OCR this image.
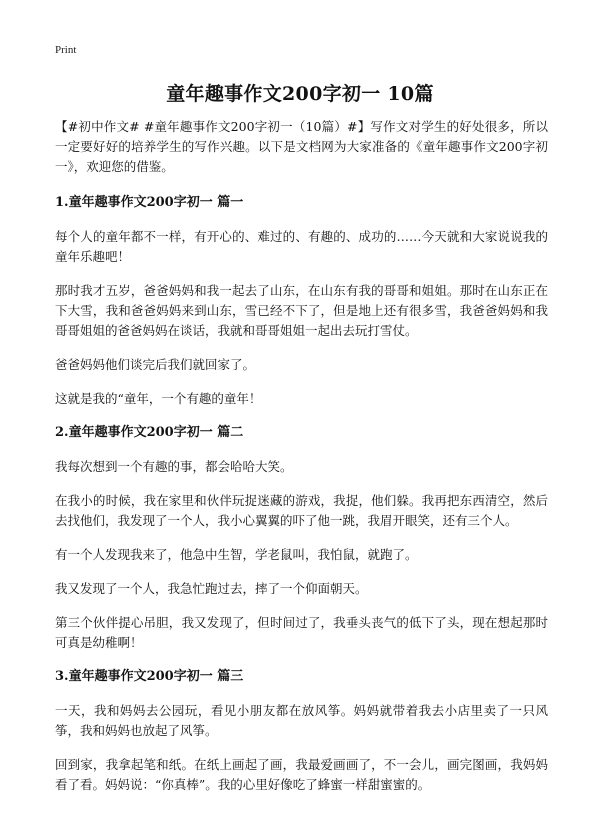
Print
童年趣事作文200字初一 10篇

【#初中作文# #童年趣事作文200字初一（10篇）#】写作文对学生的好处很多，所以一定要好好的培养学生的写作兴趣。以下是文档网为大家准备的《童年趣事作文200字初一》，欢迎您的借鉴。

1.童年趣事作文200字初一 篇一

每个人的童年都不一样，有开心的、难过的、有趣的、成功的……今天就和大家说说我的童年乐趣吧！

那时我才五岁，爸爸妈妈和我一起去了山东，在山东有我的哥哥和姐姐。那时在山东正在下大雪，我和爸爸妈妈来到山东，雪已经不下了，但是地上还有很多雪，我爸爸妈妈和我哥哥姐姐的爸爸妈妈在谈话，我就和哥哥姐姐一起出去玩打雪仗。

爸爸妈妈他们谈完后我们就回家了。

这就是我的“童年，一个有趣的童年！

2.童年趣事作文200字初一 篇二

我每次想到一个有趣的事，都会哈哈大笑。

在我小的时候，我在家里和伙伴玩捉迷藏的游戏，我捉，他们躲。我再把东西清空，然后去找他们，我发现了一个人，我小心翼翼的吓了他一跳，我眉开眼笑，还有三个人。

有一个人发现我来了，他急中生智，学老鼠叫，我怕鼠，就跑了。

我又发现了一个人，我急忙跑过去，摔了一个仰面朝天。

第三个伙伴提心吊胆，我又发现了，但时间过了，我垂头丧气的低下了头，现在想起那时可真是幼稚啊！

3.童年趣事作文200字初一 篇三

一天，我和妈妈去公园玩，看见小朋友都在放风筝。妈妈就带着我去小店里卖了一只风筝，我和妈妈也放起了风筝。

回到家，我拿起笔和纸。在纸上画起了画，我最爱画画了，不一会儿，画完图画，我妈妈看了看。妈妈说：“你真棒”。我的心里好像吃了蜂蜜一样甜蜜蜜的。
